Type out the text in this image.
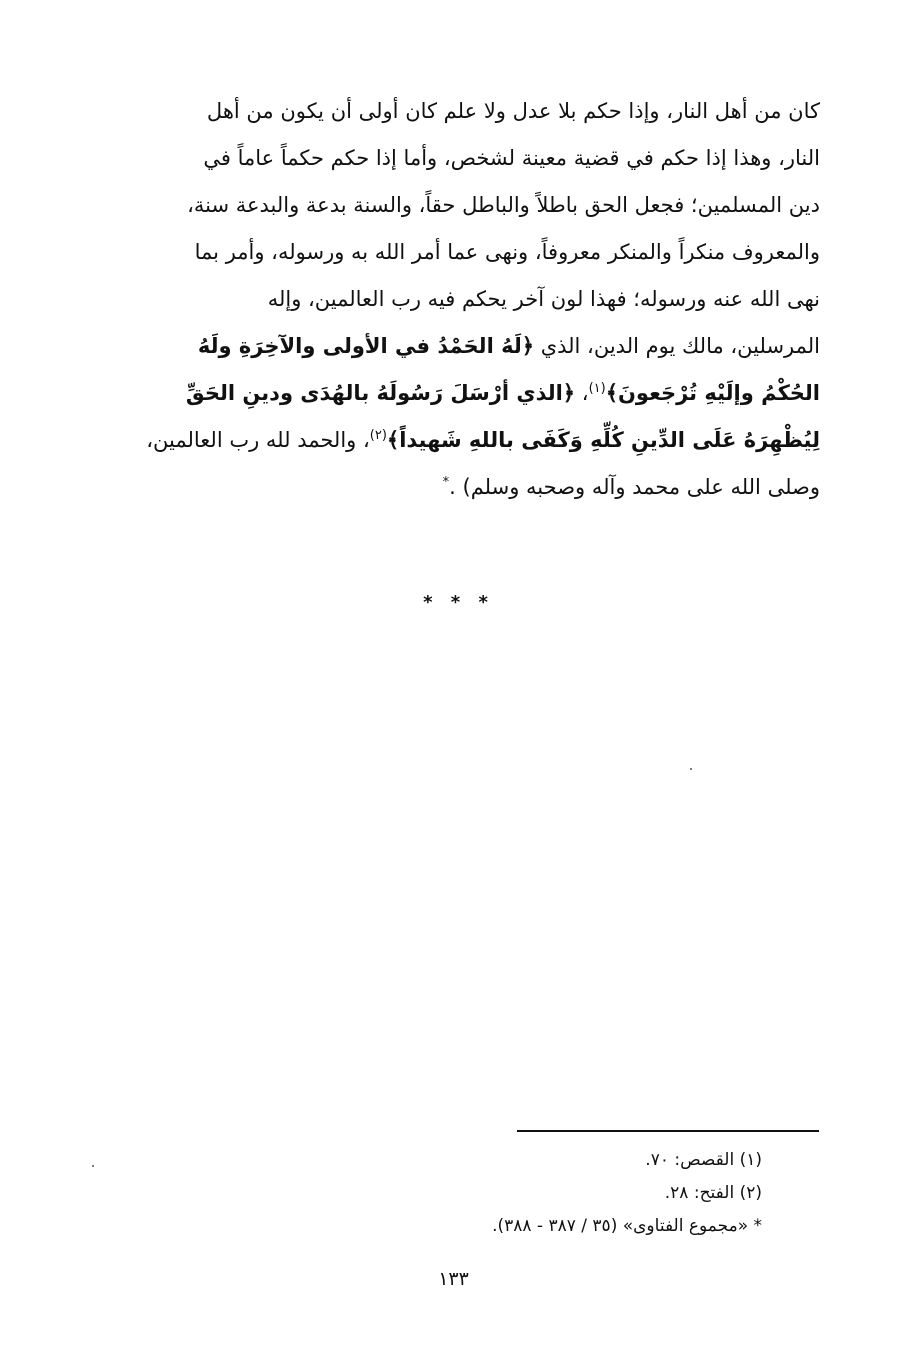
كان من أهل النار، وإذا حكم بلا عدل ولا علم كان أولى أن يكون من أهل
النار، وهذا إذا حكم في قضية معينة لشخص، وأما إذا حكم حكماً عاماً في
دين المسلمين؛ فجعل الحق باطلاً والباطل حقاً، والسنة بدعة والبدعة سنة،
والمعروف منكراً والمنكر معروفاً، ونهى عما أمر الله به ورسوله، وأمر بما
نهى الله عنه ورسوله؛ فهذا لون آخر يحكم فيه رب العالمين، وإله
المرسلين، مالك يوم الدين، الذي ﴿لَهُ الحَمْدُ في الأولى والآخِرَةِ ولَهُ
الحُكْمُ وإلَيْهِ تُرْجَعونَ﴾$^{(١)}$، ﴿الذي أرْسَلَ رَسُولَهُ بالهُدَى ودينِ الحَقِّ
لِيُظْهِرَهُ عَلَى الدِّينِ كُلِّهِ وَكَفَى باللهِ شَهيداً﴾$^{(٢)}$، والحمد لله رب العالمين،
وصلى الله على محمد وآله وصحبه وسلم) .*
* * *
(١) القصص: ٧٠.
(٢) الفتح: ٢٨.
* «مجموع الفتاوى» (٣٥ / ٣٨٧ - ٣٨٨).
١٣٣
